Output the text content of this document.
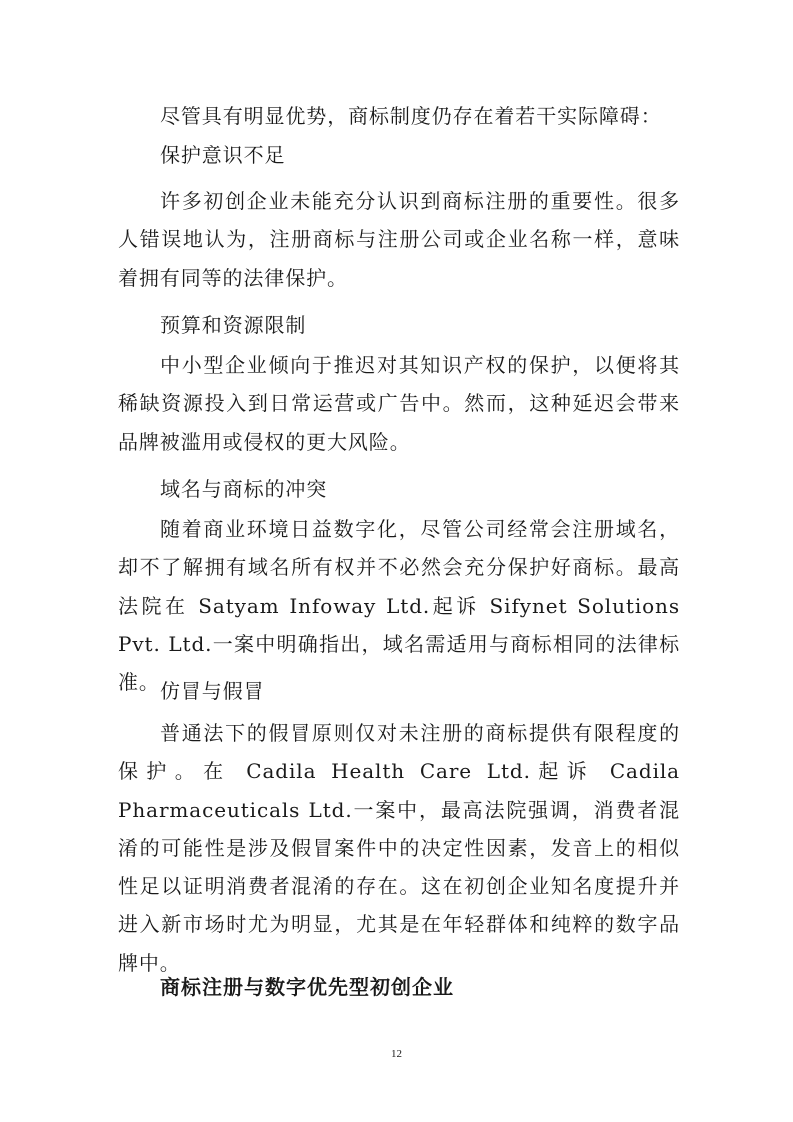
尽管具有明显优势，商标制度仍存在着若干实际障碍：

保护意识不足

许多初创企业未能充分认识到商标注册的重要性。很多人错误地认为，注册商标与注册公司或企业名称一样，意味着拥有同等的法律保护。

预算和资源限制

中小型企业倾向于推迟对其知识产权的保护，以便将其稀缺资源投入到日常运营或广告中。然而，这种延迟会带来品牌被滥用或侵权的更大风险。

域名与商标的冲突

随着商业环境日益数字化，尽管公司经常会注册域名，却不了解拥有域名所有权并不必然会充分保护好商标。最高法院在 Satyam Infoway Ltd.起诉 Sifynet Solutions Pvt. Ltd.一案中明确指出，域名需适用与商标相同的法律标准。 仿冒与假冒

普通法下的假冒原则仅对未注册的商标提供有限程度的保护。在 Cadila Health Care Ltd.起诉 Cadila Pharmaceuticals Ltd.一案中，最高法院强调，消费者混淆的可能性是涉及假冒案件中的决定性因素，发音上的相似性足以证明消费者混淆的存在。这在初创企业知名度提升并进入新市场时尤为明显，尤其是在年轻群体和纯粹的数字品牌中。

商标注册与数字优先型初创企业
12
